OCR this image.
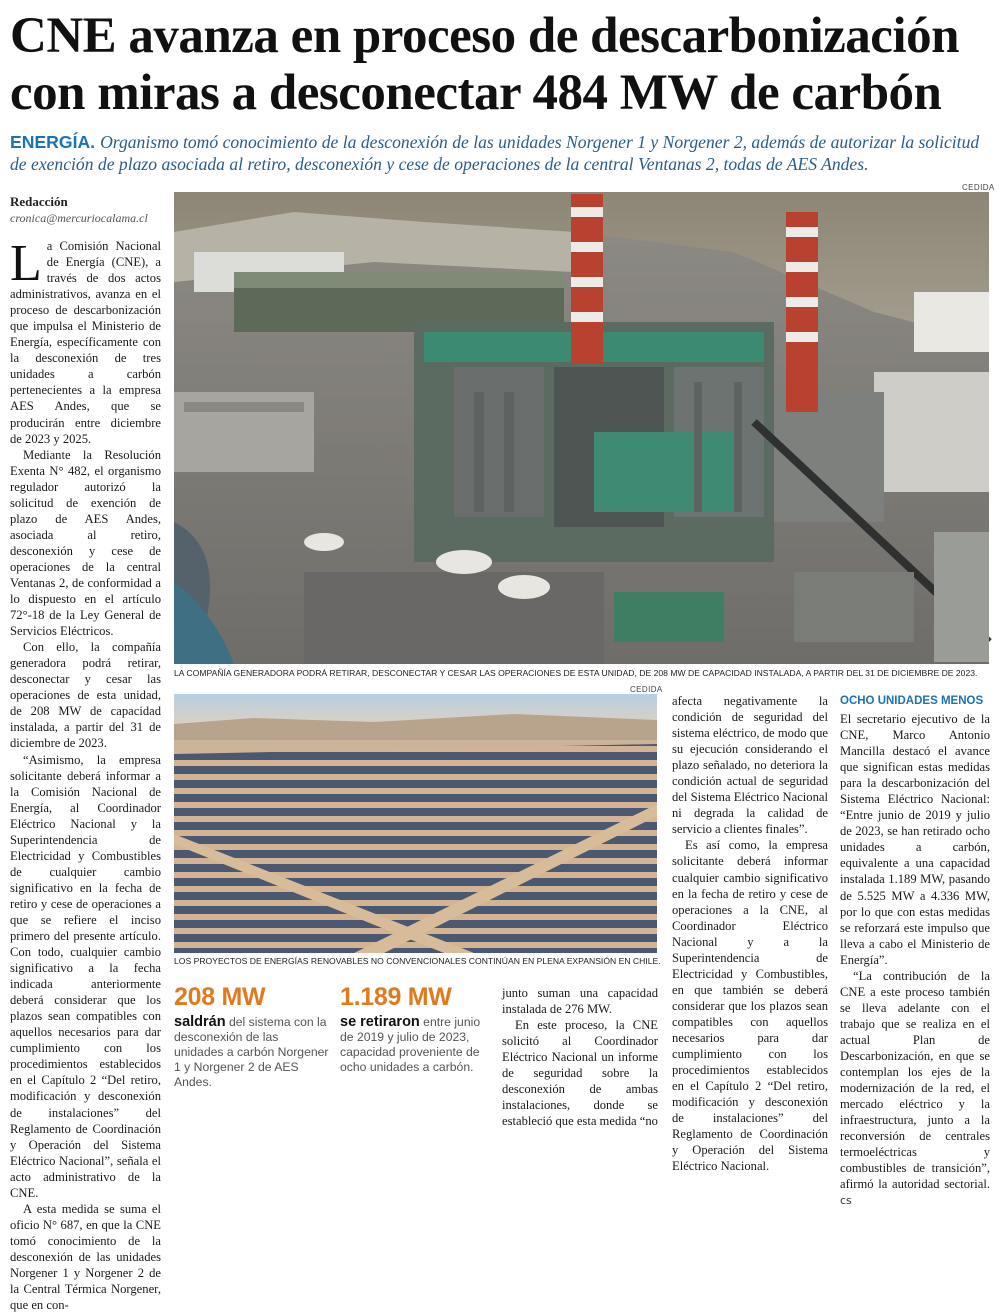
CNE avanza en proceso de descarbonización con miras a desconectar 484 MW de carbón
ENERGÍA. Organismo tomó conocimiento de la desconexión de las unidades Norgener 1 y Norgener 2, además de autorizar la solicitud de exención de plazo asociada al retiro, desconexión y cese de operaciones de la central Ventanas 2, todas de AES Andes.
Redacción
cronica@mercuriocalama.cl

La Comisión Nacional de Energía (CNE), a través de dos actos administrativos, avanza en el proceso de descarbonización que impulsa el Ministerio de Energía, específicamente con la desconexión de tres unidades a carbón pertenecientes a la empresa AES Andes, que se producirán entre diciembre de 2023 y 2025.

Mediante la Resolución Exenta N° 482, el organismo regulador autorizó la solicitud de exención de plazo de AES Andes, asociada al retiro, desconexión y cese de operaciones de la central Ventanas 2, de conformidad a lo dispuesto en el artículo 72°-18 de la Ley General de Servicios Eléctricos.

Con ello, la compañía generadora podrá retirar, desconectar y cesar las operaciones de esta unidad, de 208 MW de capacidad instalada, a partir del 31 de diciembre de 2023.

“Asimismo, la empresa solicitante deberá informar a la Comisión Nacional de Energía, al Coordinador Eléctrico Nacional y la Superintendencia de Electricidad y Combustibles de cualquier cambio significativo en la fecha de retiro y cese de operaciones a que se refiere el inciso primero del presente artículo. Con todo, cualquier cambio significativo a la fecha indicada anteriormente deberá considerar que los plazos sean compatibles con aquellos necesarios para dar cumplimiento con los procedimientos establecidos en el Capítulo 2 “Del retiro, modificación y desconexión de instalaciones” del Reglamento de Coordinación y Operación del Sistema Eléctrico Nacional”, señala el acto administrativo de la CNE.

A esta medida se suma el oficio N° 687, en que la CNE tomó conocimiento de la desconexión de las unidades Norgener 1 y Norgener 2 de la Central Térmica Norgener, que en con-

CEDIDA
LA COMPAÑÍA GENERADORA PODRÁ RETIRAR, DESCONECTAR Y CESAR LAS OPERACIONES DE ESTA UNIDAD, DE 208 MW DE CAPACIDAD INSTALADA, A PARTIR DEL 31 DE DICIEMBRE DE 2023.
CEDIDA
LOS PROYECTOS DE ENERGÍAS RENOVABLES NO CONVENCIONALES CONTINÚAN EN PLENA EXPANSIÓN EN CHILE.
208 MW
saldrán del sistema con la desconexión de las unidades a carbón Norgener 1 y Norgener 2 de AES Andes.
1.189 MW
se retiraron entre junio de 2019 y julio de 2023, capacidad proveniente de ocho unidades a carbón.

junto suman una capacidad instalada de 276 MW.

En este proceso, la CNE solicitó al Coordinador Eléctrico Nacional un informe de seguridad sobre la desconexión de ambas instalaciones, donde se estableció que esta medida “no

afecta negativamente la condición de seguridad del sistema eléctrico, de modo que su ejecución considerando el plazo señalado, no deteriora la condición actual de seguridad del Sistema Eléctrico Nacional ni degrada la calidad de servicio a clientes finales”.

Es así como, la empresa solicitante deberá informar cualquier cambio significativo en la fecha de retiro y cese de operaciones a la CNE, al Coordinador Eléctrico Nacional y a la Superintendencia de Electricidad y Combustibles, en que también se deberá considerar que los plazos sean compatibles con aquellos necesarios para dar cumplimiento con los procedimientos establecidos en el Capítulo 2 “Del retiro, modificación y desconexión de instalaciones” del Reglamento de Coordinación y Operación del Sistema Eléctrico Nacional.

OCHO UNIDADES MENOS

El secretario ejecutivo de la CNE, Marco Antonio Mancilla destacó el avance que significan estas medidas para la descarbonización del Sistema Eléctrico Nacional: “Entre junio de 2019 y julio de 2023, se han retirado ocho unidades a carbón, equivalente a una capacidad instalada 1.189 MW, pasando de 5.525 MW a 4.336 MW, por lo que con estas medidas se reforzará este impulso que lleva a cabo el Ministerio de Energía”.

“La contribución de la CNE a este proceso también se lleva adelante con el trabajo que se realiza en el actual Plan de Descarbonización, en que se contemplan los ejes de la modernización de la red, el mercado eléctrico y la infraestructura, junto a la reconversión de centrales termoeléctricas y combustibles de transición”, afirmó la autoridad sectorial. cs
